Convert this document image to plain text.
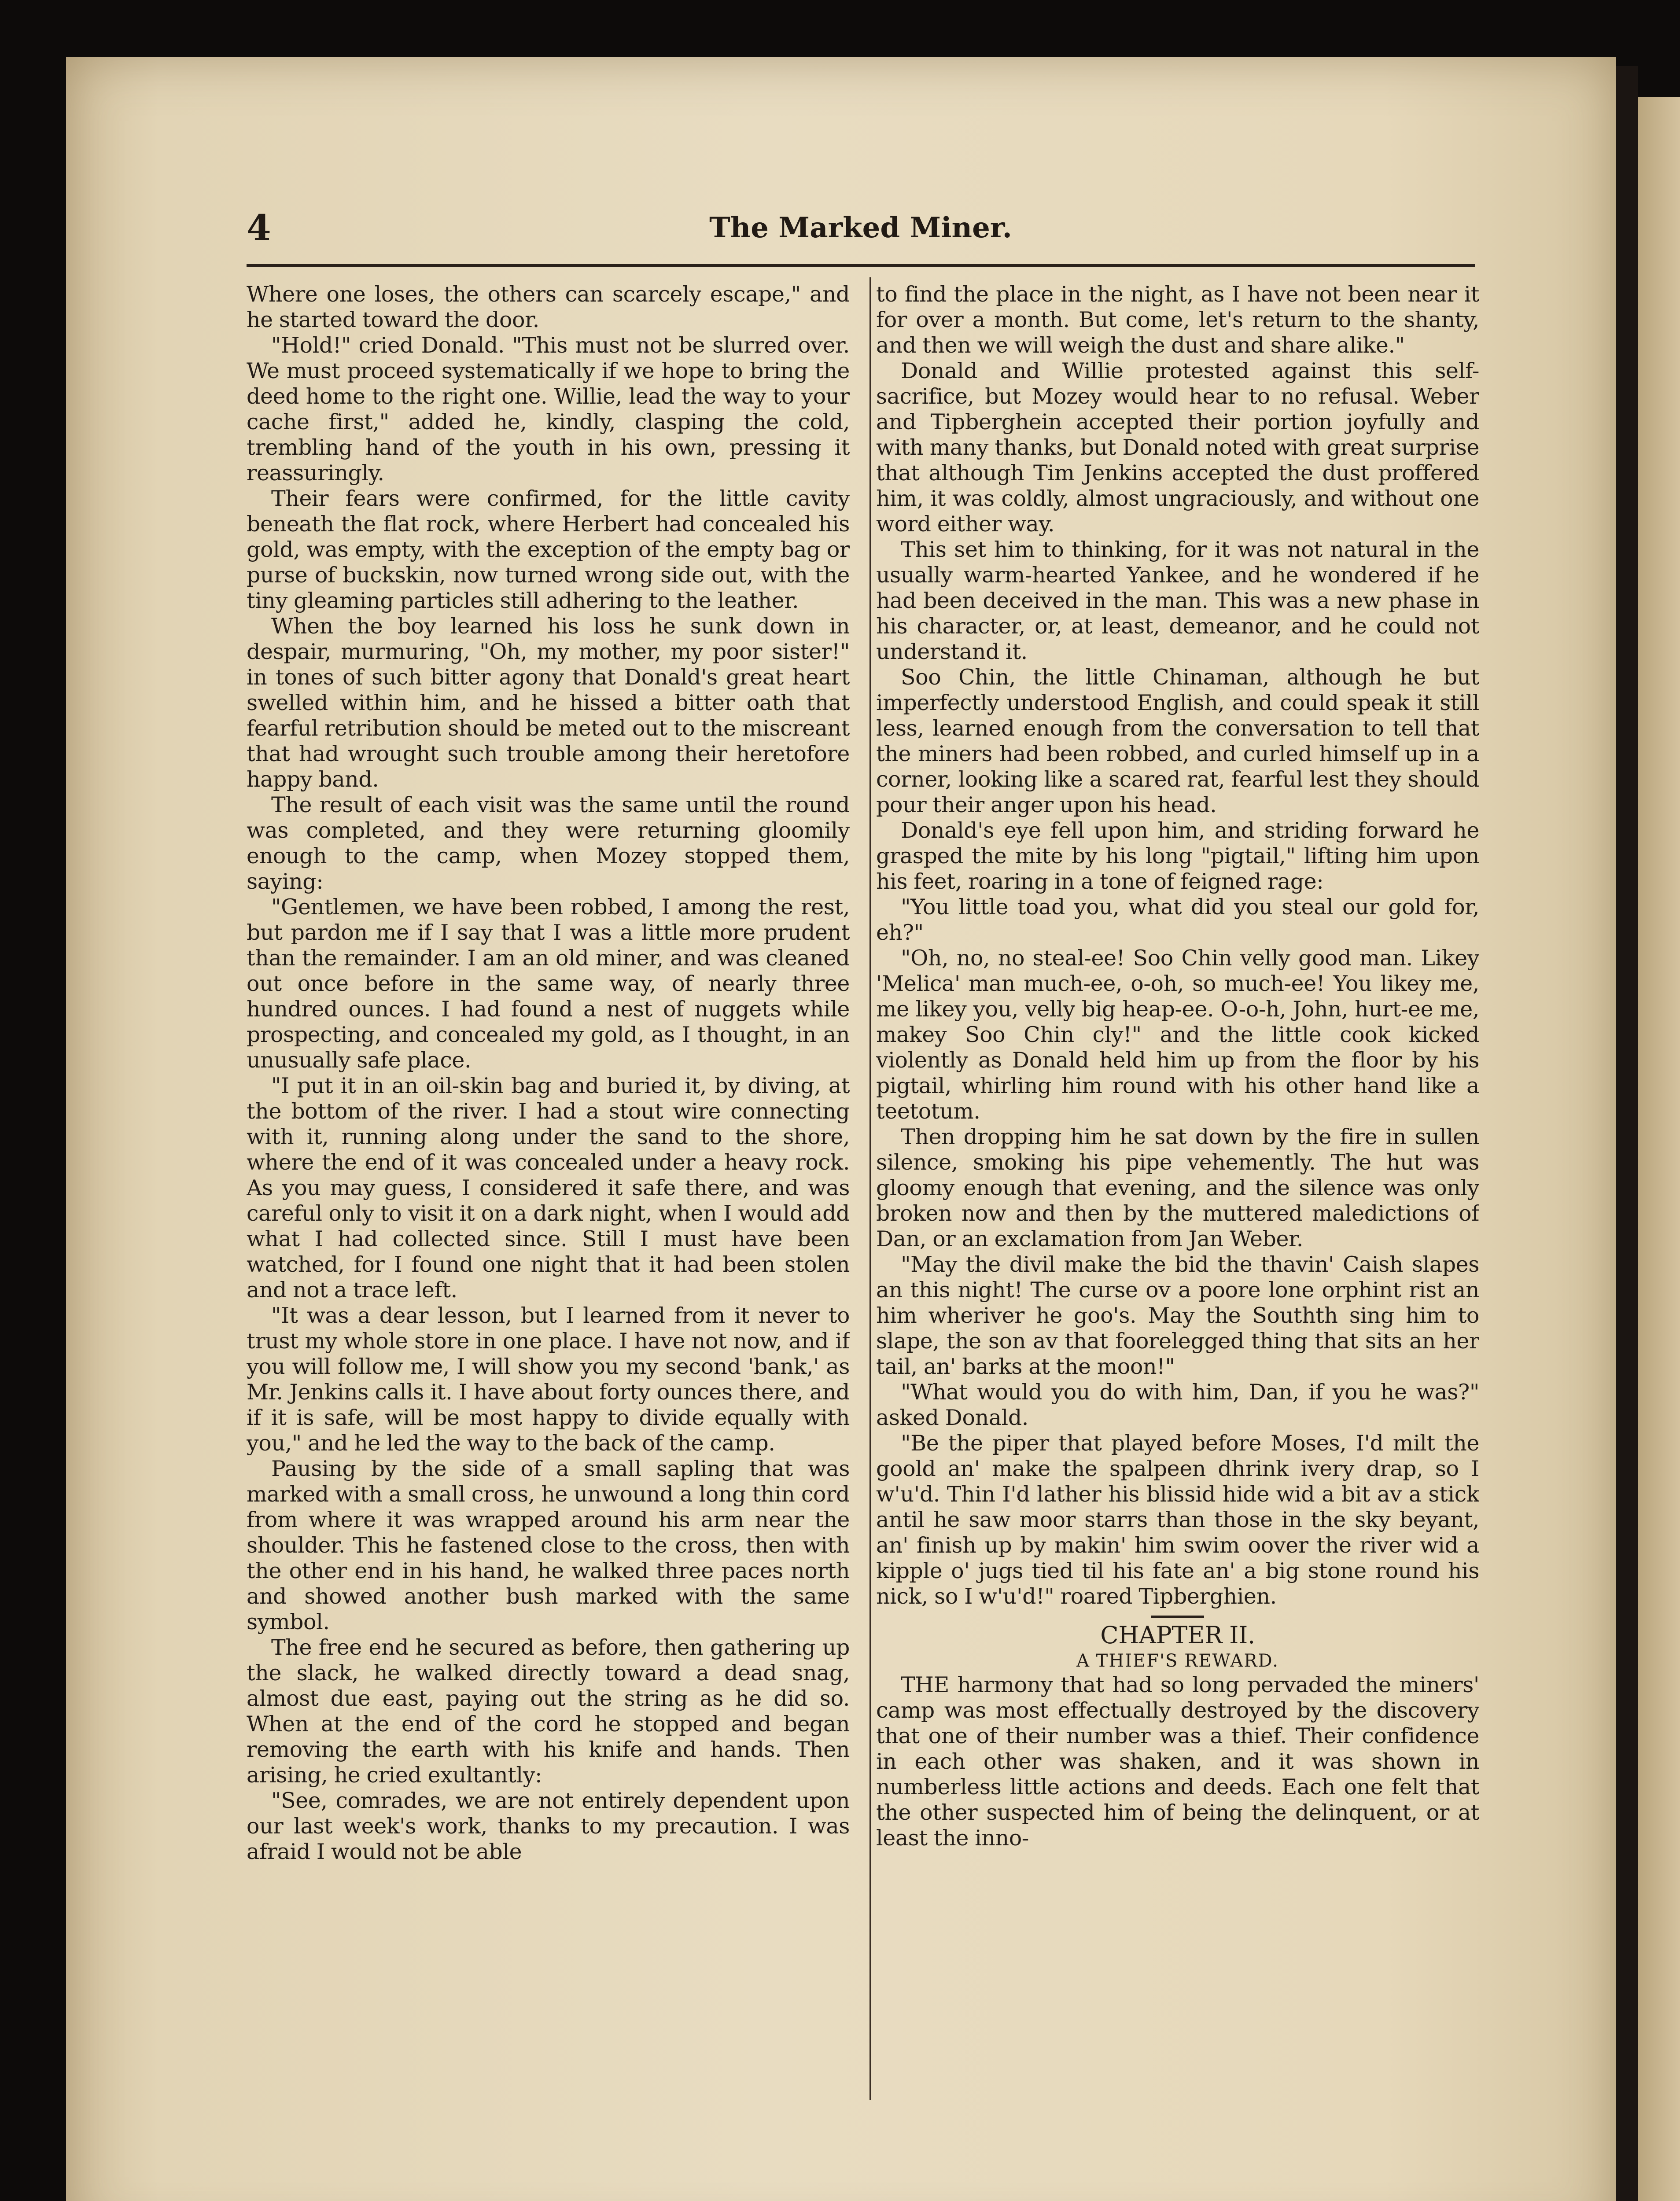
4	The Marked Miner.

Where one loses, the others can scarcely escape," and he started toward the door.

"Hold!" cried Donald. "This must not be slurred over. We must proceed systematically if we hope to bring the deed home to the right one. Willie, lead the way to your cache first," added he, kindly, clasping the cold, trembling hand of the youth in his own, pressing it reassuringly.

Their fears were confirmed, for the little cavity beneath the flat rock, where Herbert had concealed his gold, was empty, with the exception of the empty bag or purse of buckskin, now turned wrong side out, with the tiny gleaming particles still adhering to the leather.

When the boy learned his loss he sunk down in despair, murmuring, "Oh, my mother, my poor sister!" in tones of such bitter agony that Donald's great heart swelled within him, and he hissed a bitter oath that fearful retribution should be meted out to the miscreant that had wrought such trouble among their heretofore happy band.

The result of each visit was the same until the round was completed, and they were returning gloomily enough to the camp, when Mozey stopped them, saying:

"Gentlemen, we have been robbed, I among the rest, but pardon me if I say that I was a little more prudent than the remainder. I am an old miner, and was cleaned out once before in the same way, of nearly three hundred ounces. I had found a nest of nuggets while prospecting, and concealed my gold, as I thought, in an unusually safe place.

"I put it in an oil-skin bag and buried it, by diving, at the bottom of the river. I had a stout wire connecting with it, running along under the sand to the shore, where the end of it was concealed under a heavy rock. As you may guess, I considered it safe there, and was careful only to visit it on a dark night, when I would add what I had collected since. Still I must have been watched, for I found one night that it had been stolen and not a trace left.

"It was a dear lesson, but I learned from it never to trust my whole store in one place. I have not now, and if you will follow me, I will show you my second 'bank,' as Mr. Jenkins calls it. I have about forty ounces there, and if it is safe, will be most happy to divide equally with you," and he led the way to the back of the camp.

Pausing by the side of a small sapling that was marked with a small cross, he unwound a long thin cord from where it was wrapped around his arm near the shoulder. This he fastened close to the cross, then with the other end in his hand, he walked three paces north and showed another bush marked with the same symbol.

The free end he secured as before, then gathering up the slack, he walked directly toward a dead snag, almost due east, paying out the string as he did so. When at the end of the cord he stopped and began removing the earth with his knife and hands. Then arising, he cried exultantly:

"See, comrades, we are not entirely dependent upon our last week's work, thanks to my precaution. I was afraid I would not be able

to find the place in the night, as I have not been near it for over a month. But come, let's return to the shanty, and then we will weigh the dust and share alike."

Donald and Willie protested against this self-sacrifice, but Mozey would hear to no refusal. Weber and Tipberghein accepted their portion joyfully and with many thanks, but Donald noted with great surprise that although Tim Jenkins accepted the dust proffered him, it was coldly, almost ungraciously, and without one word either way.

This set him to thinking, for it was not natural in the usually warm-hearted Yankee, and he wondered if he had been deceived in the man. This was a new phase in his character, or, at least, demeanor, and he could not understand it.

Soo Chin, the little Chinaman, although he but imperfectly understood English, and could speak it still less, learned enough from the conversation to tell that the miners had been robbed, and curled himself up in a corner, looking like a scared rat, fearful lest they should pour their anger upon his head.

Donald's eye fell upon him, and striding forward he grasped the mite by his long "pigtail," lifting him upon his feet, roaring in a tone of feigned rage:

"You little toad you, what did you steal our gold for, eh?"

"Oh, no, no steal-ee! Soo Chin velly good man. Likey 'Melica' man much-ee, o-oh, so much-ee! You likey me, me likey you, velly big heap-ee. O-o-h, John, hurt-ee me, makey Soo Chin cly!" and the little cook kicked violently as Donald held him up from the floor by his pigtail, whirling him round with his other hand like a teetotum.

Then dropping him he sat down by the fire in sullen silence, smoking his pipe vehemently. The hut was gloomy enough that evening, and the silence was only broken now and then by the muttered maledictions of Dan, or an exclamation from Jan Weber.

"May the divil make the bid the thavin' Caish slapes an this night! The curse ov a poore lone orphint rist an him wheriver he goo's. May the Southth sing him to slape, the son av that foorelegged thing that sits an her tail, an' barks at the moon!"

"What would you do with him, Dan, if you he was?" asked Donald.

"Be the piper that played before Moses, I'd milt the goold an' make the spalpeen dhrink ivery drap, so I w'u'd. Thin I'd lather his blissid hide wid a bit av a stick antil he saw moor starrs than those in the sky beyant, an' finish up by makin' him swim oover the river wid a kipple o' jugs tied til his fate an' a big stone round his nick, so I w'u'd!" roared Tipberghien.

CHAPTER II.

A THIEF'S REWARD.

THE harmony that had so long pervaded the miners' camp was most effectually destroyed by the discovery that one of their number was a thief. Their confidence in each other was shaken, and it was shown in numberless little actions and deeds. Each one felt that the other suspected him of being the delinquent, or at least the inno-
